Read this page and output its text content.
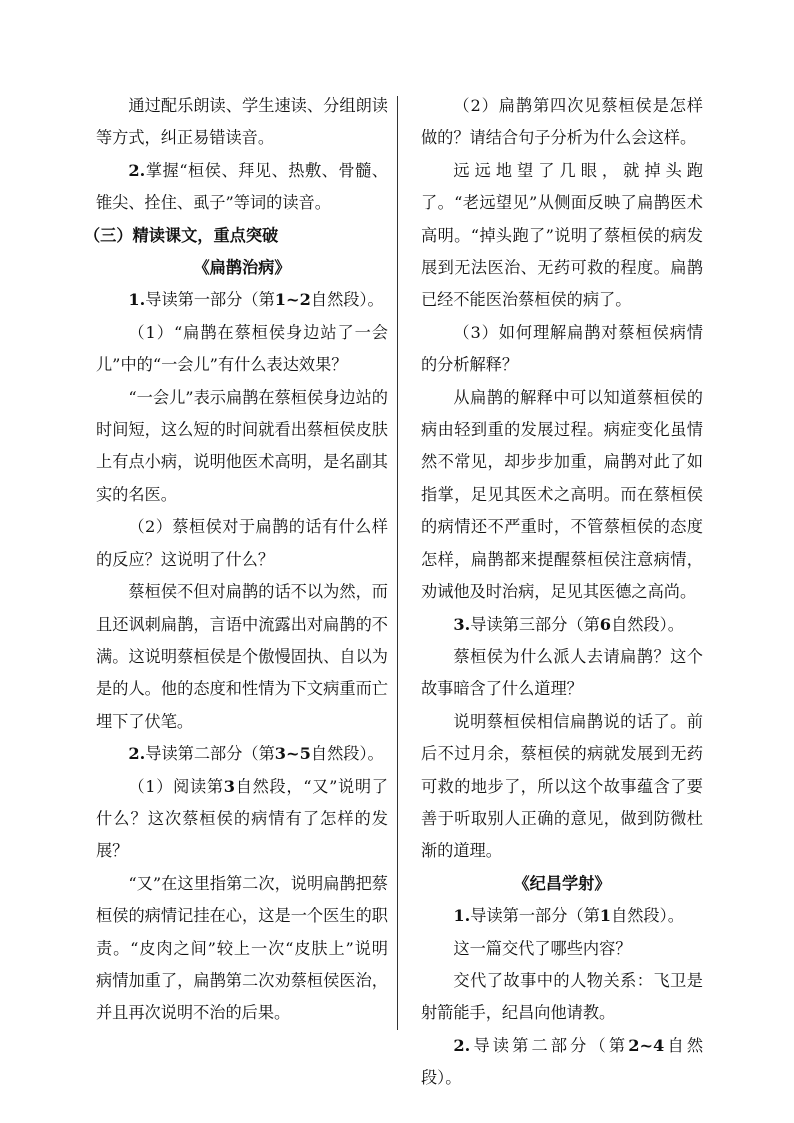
通过配乐朗读、学生速读、分组朗读等方式，纠正易错读音。

2.掌握“桓侯、拜见、热敷、骨髓、锥尖、拴住、虱子”等词的读音。

（三）精读课文，重点突破

《扁鹊治病》

1.导读第一部分（第1~2自然段）。

（1）“扁鹊在蔡桓侯身边站了一会儿”中的“一会儿”有什么表达效果？

“一会儿”表示扁鹊在蔡桓侯身边站的时间短，这么短的时间就看出蔡桓侯皮肤上有点小病，说明他医术高明，是名副其实的名医。

（2）蔡桓侯对于扁鹊的话有什么样的反应？这说明了什么？

蔡桓侯不但对扁鹊的话不以为然，而且还讽刺扁鹊，言语中流露出对扁鹊的不满。这说明蔡桓侯是个傲慢固执、自以为是的人。他的态度和性情为下文病重而亡埋下了伏笔。

2.导读第二部分（第3~5自然段）。

（1）阅读第3自然段，“又”说明了什么？这次蔡桓侯的病情有了怎样的发展？

“又”在这里指第二次，说明扁鹊把蔡桓侯的病情记挂在心，这是一个医生的职责。“皮肉之间”较上一次“皮肤上”说明病情加重了，扁鹊第二次劝蔡桓侯医治，并且再次说明不治的后果。

（2）扁鹊第四次见蔡桓侯是怎样做的？请结合句子分析为什么会这样。

远远地望了几眼，就掉头跑了。“老远望见”从侧面反映了扁鹊医术高明。“掉头跑了”说明了蔡桓侯的病发展到无法医治、无药可救的程度。扁鹊已经不能医治蔡桓侯的病了。

（3）如何理解扁鹊对蔡桓侯病情的分析解释？

从扁鹊的解释中可以知道蔡桓侯的病由轻到重的发展过程。病症变化虽情然不常见，却步步加重，扁鹊对此了如指掌，足见其医术之高明。而在蔡桓侯的病情还不严重时，不管蔡桓侯的态度怎样，扁鹊都来提醒蔡桓侯注意病情，劝诫他及时治病，足见其医德之高尚。

3.导读第三部分（第6自然段）。

蔡桓侯为什么派人去请扁鹊？这个故事暗含了什么道理？

说明蔡桓侯相信扁鹊说的话了。前后不过月余，蔡桓侯的病就发展到无药可救的地步了，所以这个故事蕴含了要善于听取别人正确的意见，做到防微杜渐的道理。

《纪昌学射》

1.导读第一部分（第1自然段）。

这一篇交代了哪些内容？

交代了故事中的人物关系：飞卫是射箭能手，纪昌向他请教。

2.导读第二部分（第2~4自然段）。
